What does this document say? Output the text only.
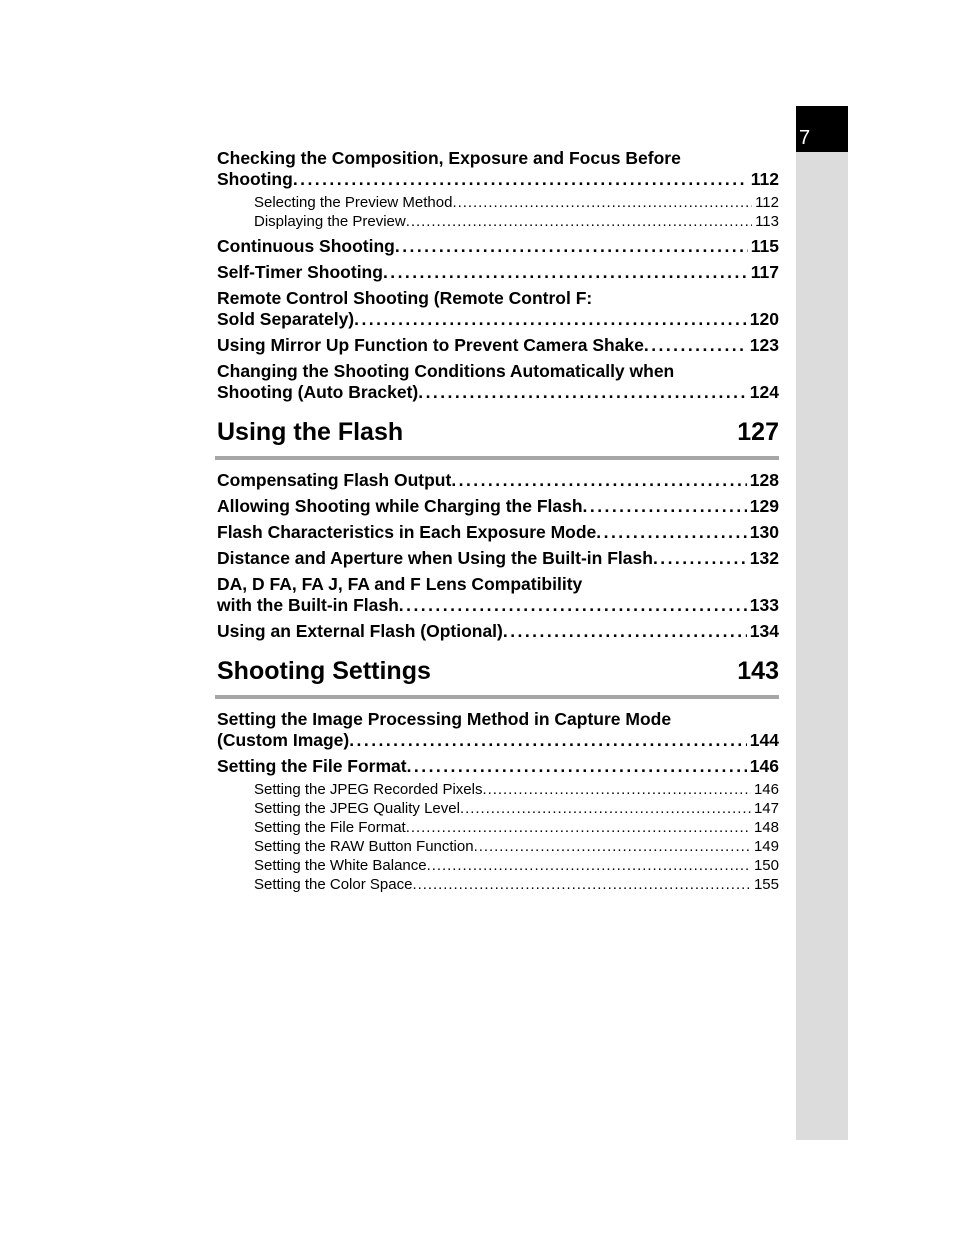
7
Checking the Composition, Exposure and Focus Before
Shooting . . .	112
Selecting the Preview Method . . .	112
Displaying the Preview . . .	113
Continuous Shooting . . .	115
Self-Timer Shooting . . .	117
Remote Control Shooting (Remote Control F:
Sold Separately) . . .	120
Using Mirror Up Function to Prevent Camera Shake . . .	123
Changing the Shooting Conditions Automatically when
Shooting (Auto Bracket) . . .	124
Using the Flash	127
Compensating Flash Output . . .	128
Allowing Shooting while Charging the Flash . . .	129
Flash Characteristics in Each Exposure Mode . . .	130
Distance and Aperture when Using the Built-in Flash . . .	132
DA, D FA, FA J, FA and F Lens Compatibility
with the Built-in Flash . . .	133
Using an External Flash (Optional) . . .	134
Shooting Settings	143
Setting the Image Processing Method in Capture Mode
(Custom Image) . . .	144
Setting the File Format . . .	146
Setting the JPEG Recorded Pixels . . .	146
Setting the JPEG Quality Level . . .	147
Setting the File Format . . .	148
Setting the RAW Button Function . . .	149
Setting the White Balance . . .	150
Setting the Color Space . . .	155
